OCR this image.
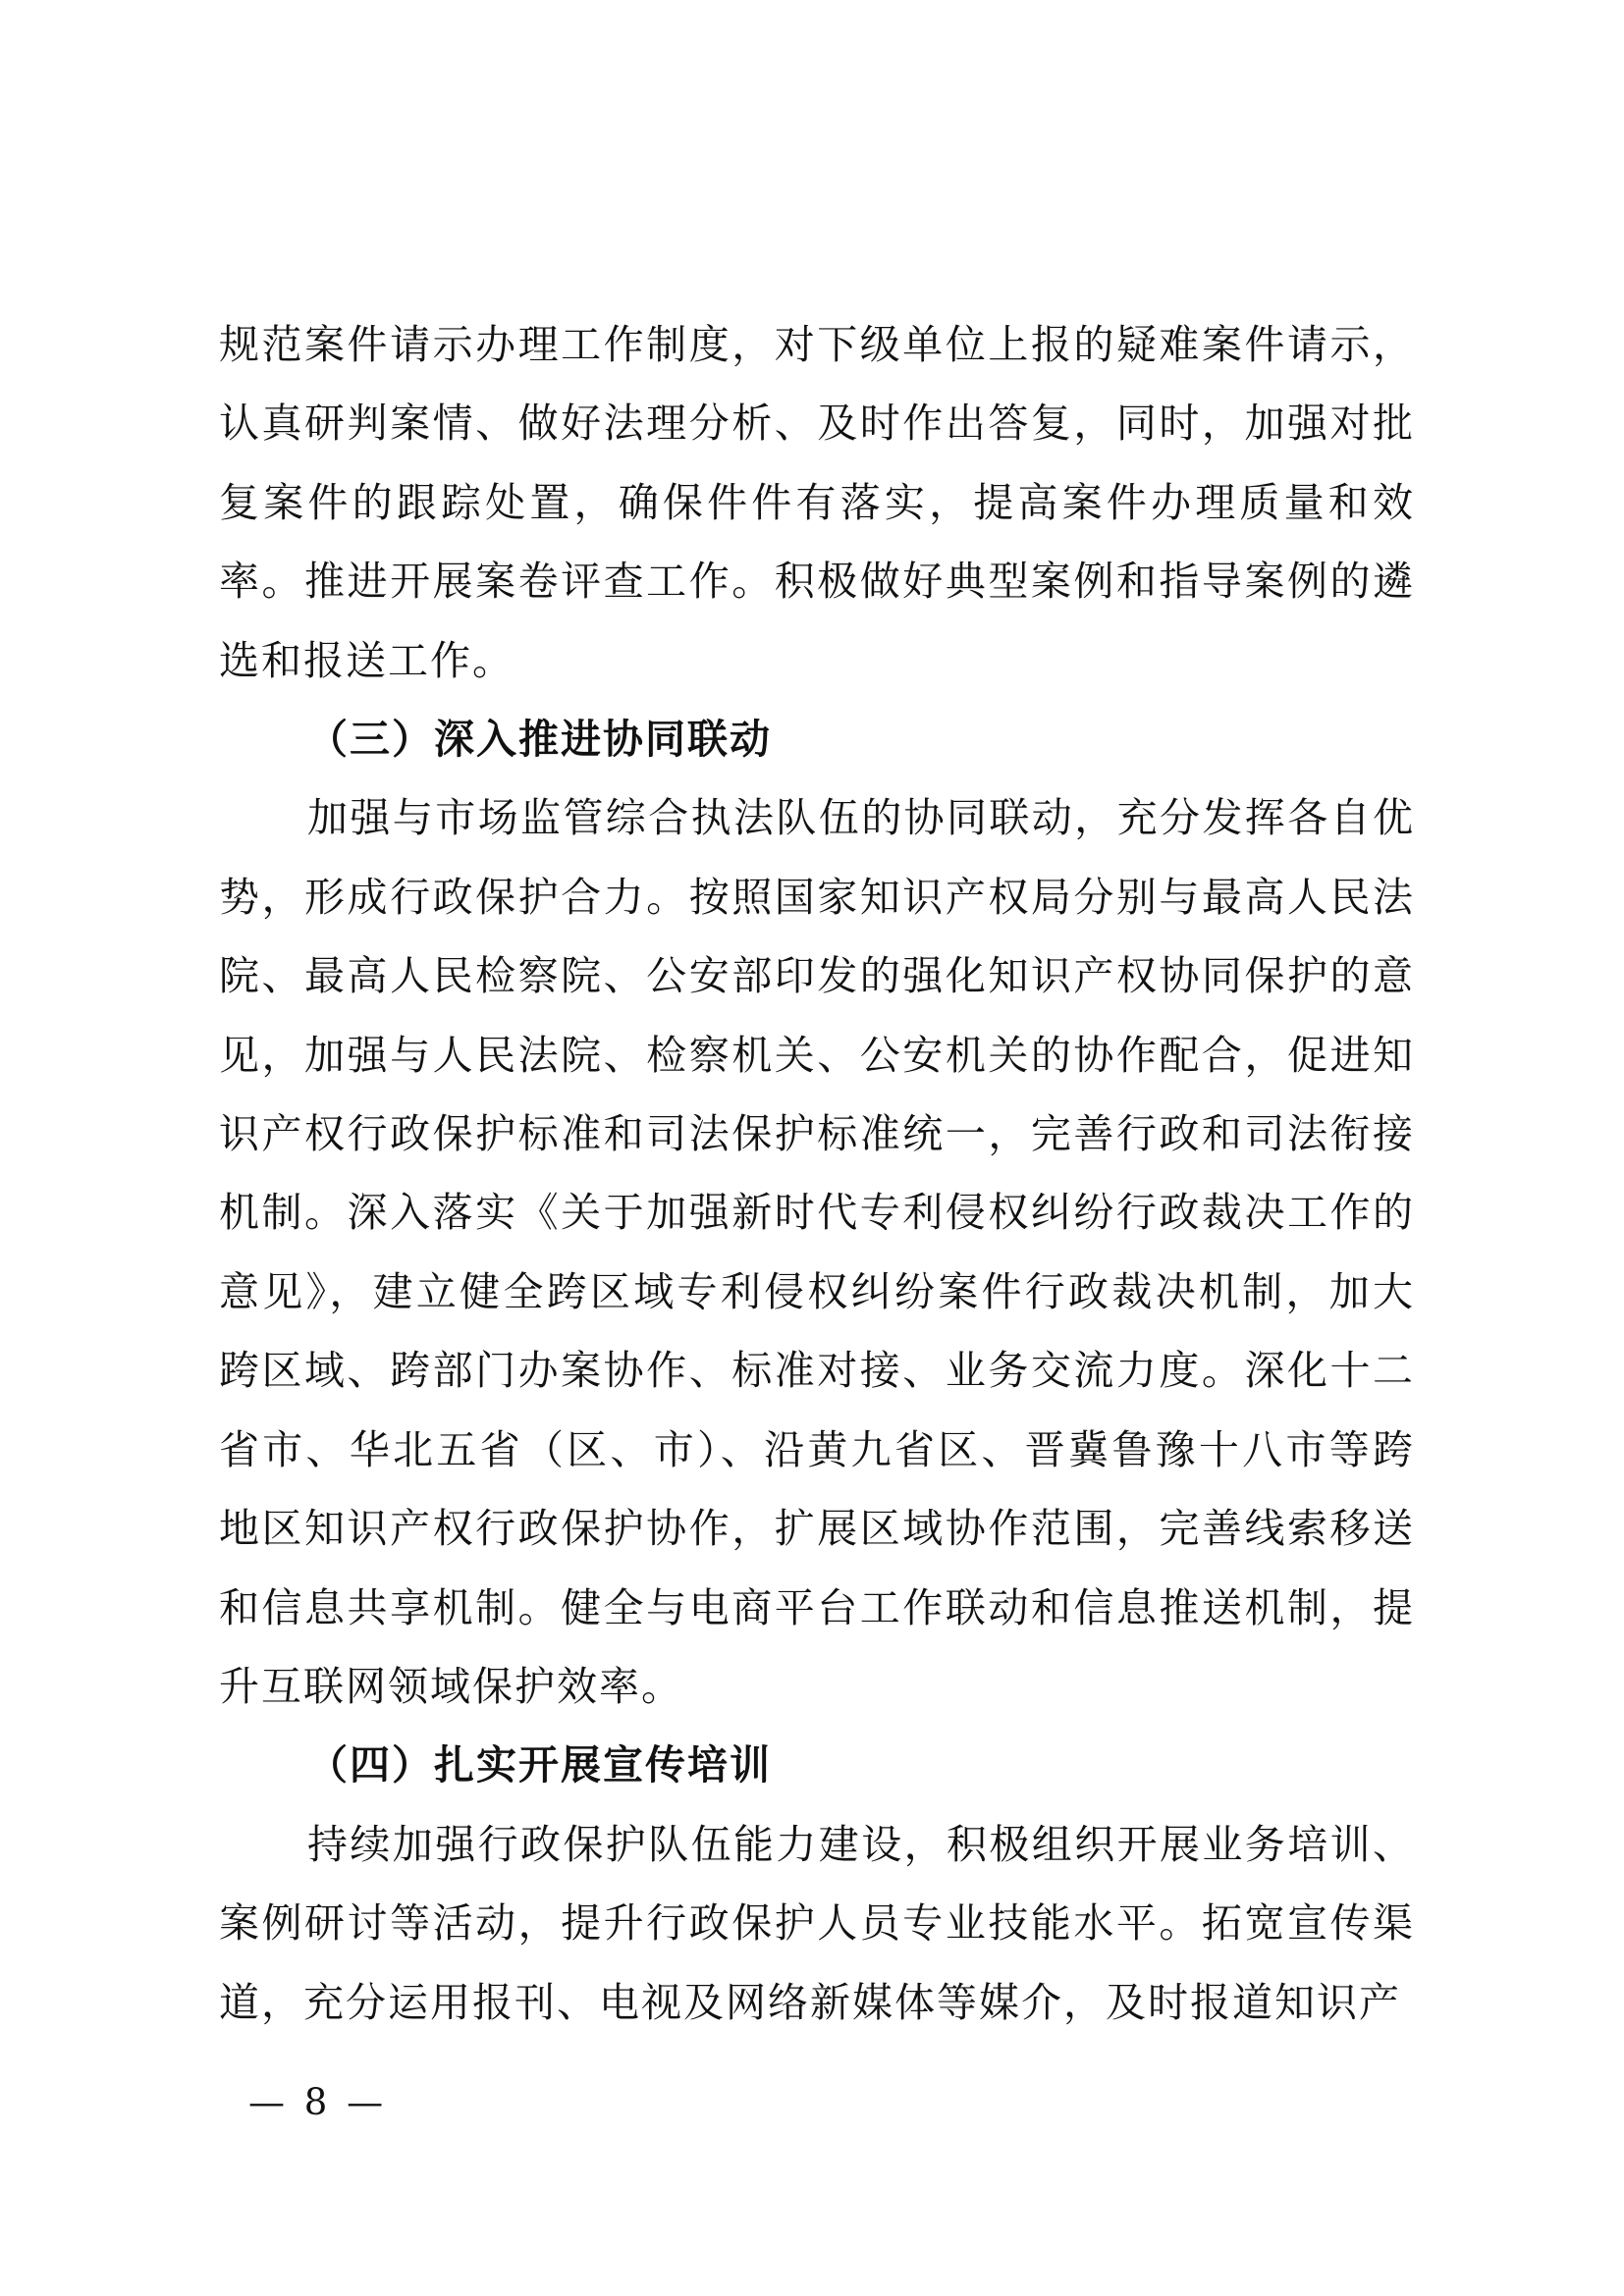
规范案件请示办理工作制度，对下级单位上报的疑难案件请示，认真研判案情、做好法理分析、及时作出答复，同时，加强对批复案件的跟踪处置，确保件件有落实，提高案件办理质量和效率。推进开展案卷评查工作。积极做好典型案例和指导案例的遴选和报送工作。

（三）深入推进协同联动

加强与市场监管综合执法队伍的协同联动，充分发挥各自优势，形成行政保护合力。按照国家知识产权局分别与最高人民法院、最高人民检察院、公安部印发的强化知识产权协同保护的意见，加强与人民法院、检察机关、公安机关的协作配合，促进知识产权行政保护标准和司法保护标准统一，完善行政和司法衔接机制。深入落实《关于加强新时代专利侵权纠纷行政裁决工作的意见》，建立健全跨区域专利侵权纠纷案件行政裁决机制，加大跨区域、跨部门办案协作、标准对接、业务交流力度。深化十二省市、华北五省（区、市）、沿黄九省区、晋冀鲁豫十八市等跨地区知识产权行政保护协作，扩展区域协作范围，完善线索移送和信息共享机制。健全与电商平台工作联动和信息推送机制，提升互联网领域保护效率。

（四）扎实开展宣传培训

持续加强行政保护队伍能力建设，积极组织开展业务培训、案例研讨等活动，提升行政保护人员专业技能水平。拓宽宣传渠道，充分运用报刊、电视及网络新媒体等媒介，及时报道知识产

— 8 —
